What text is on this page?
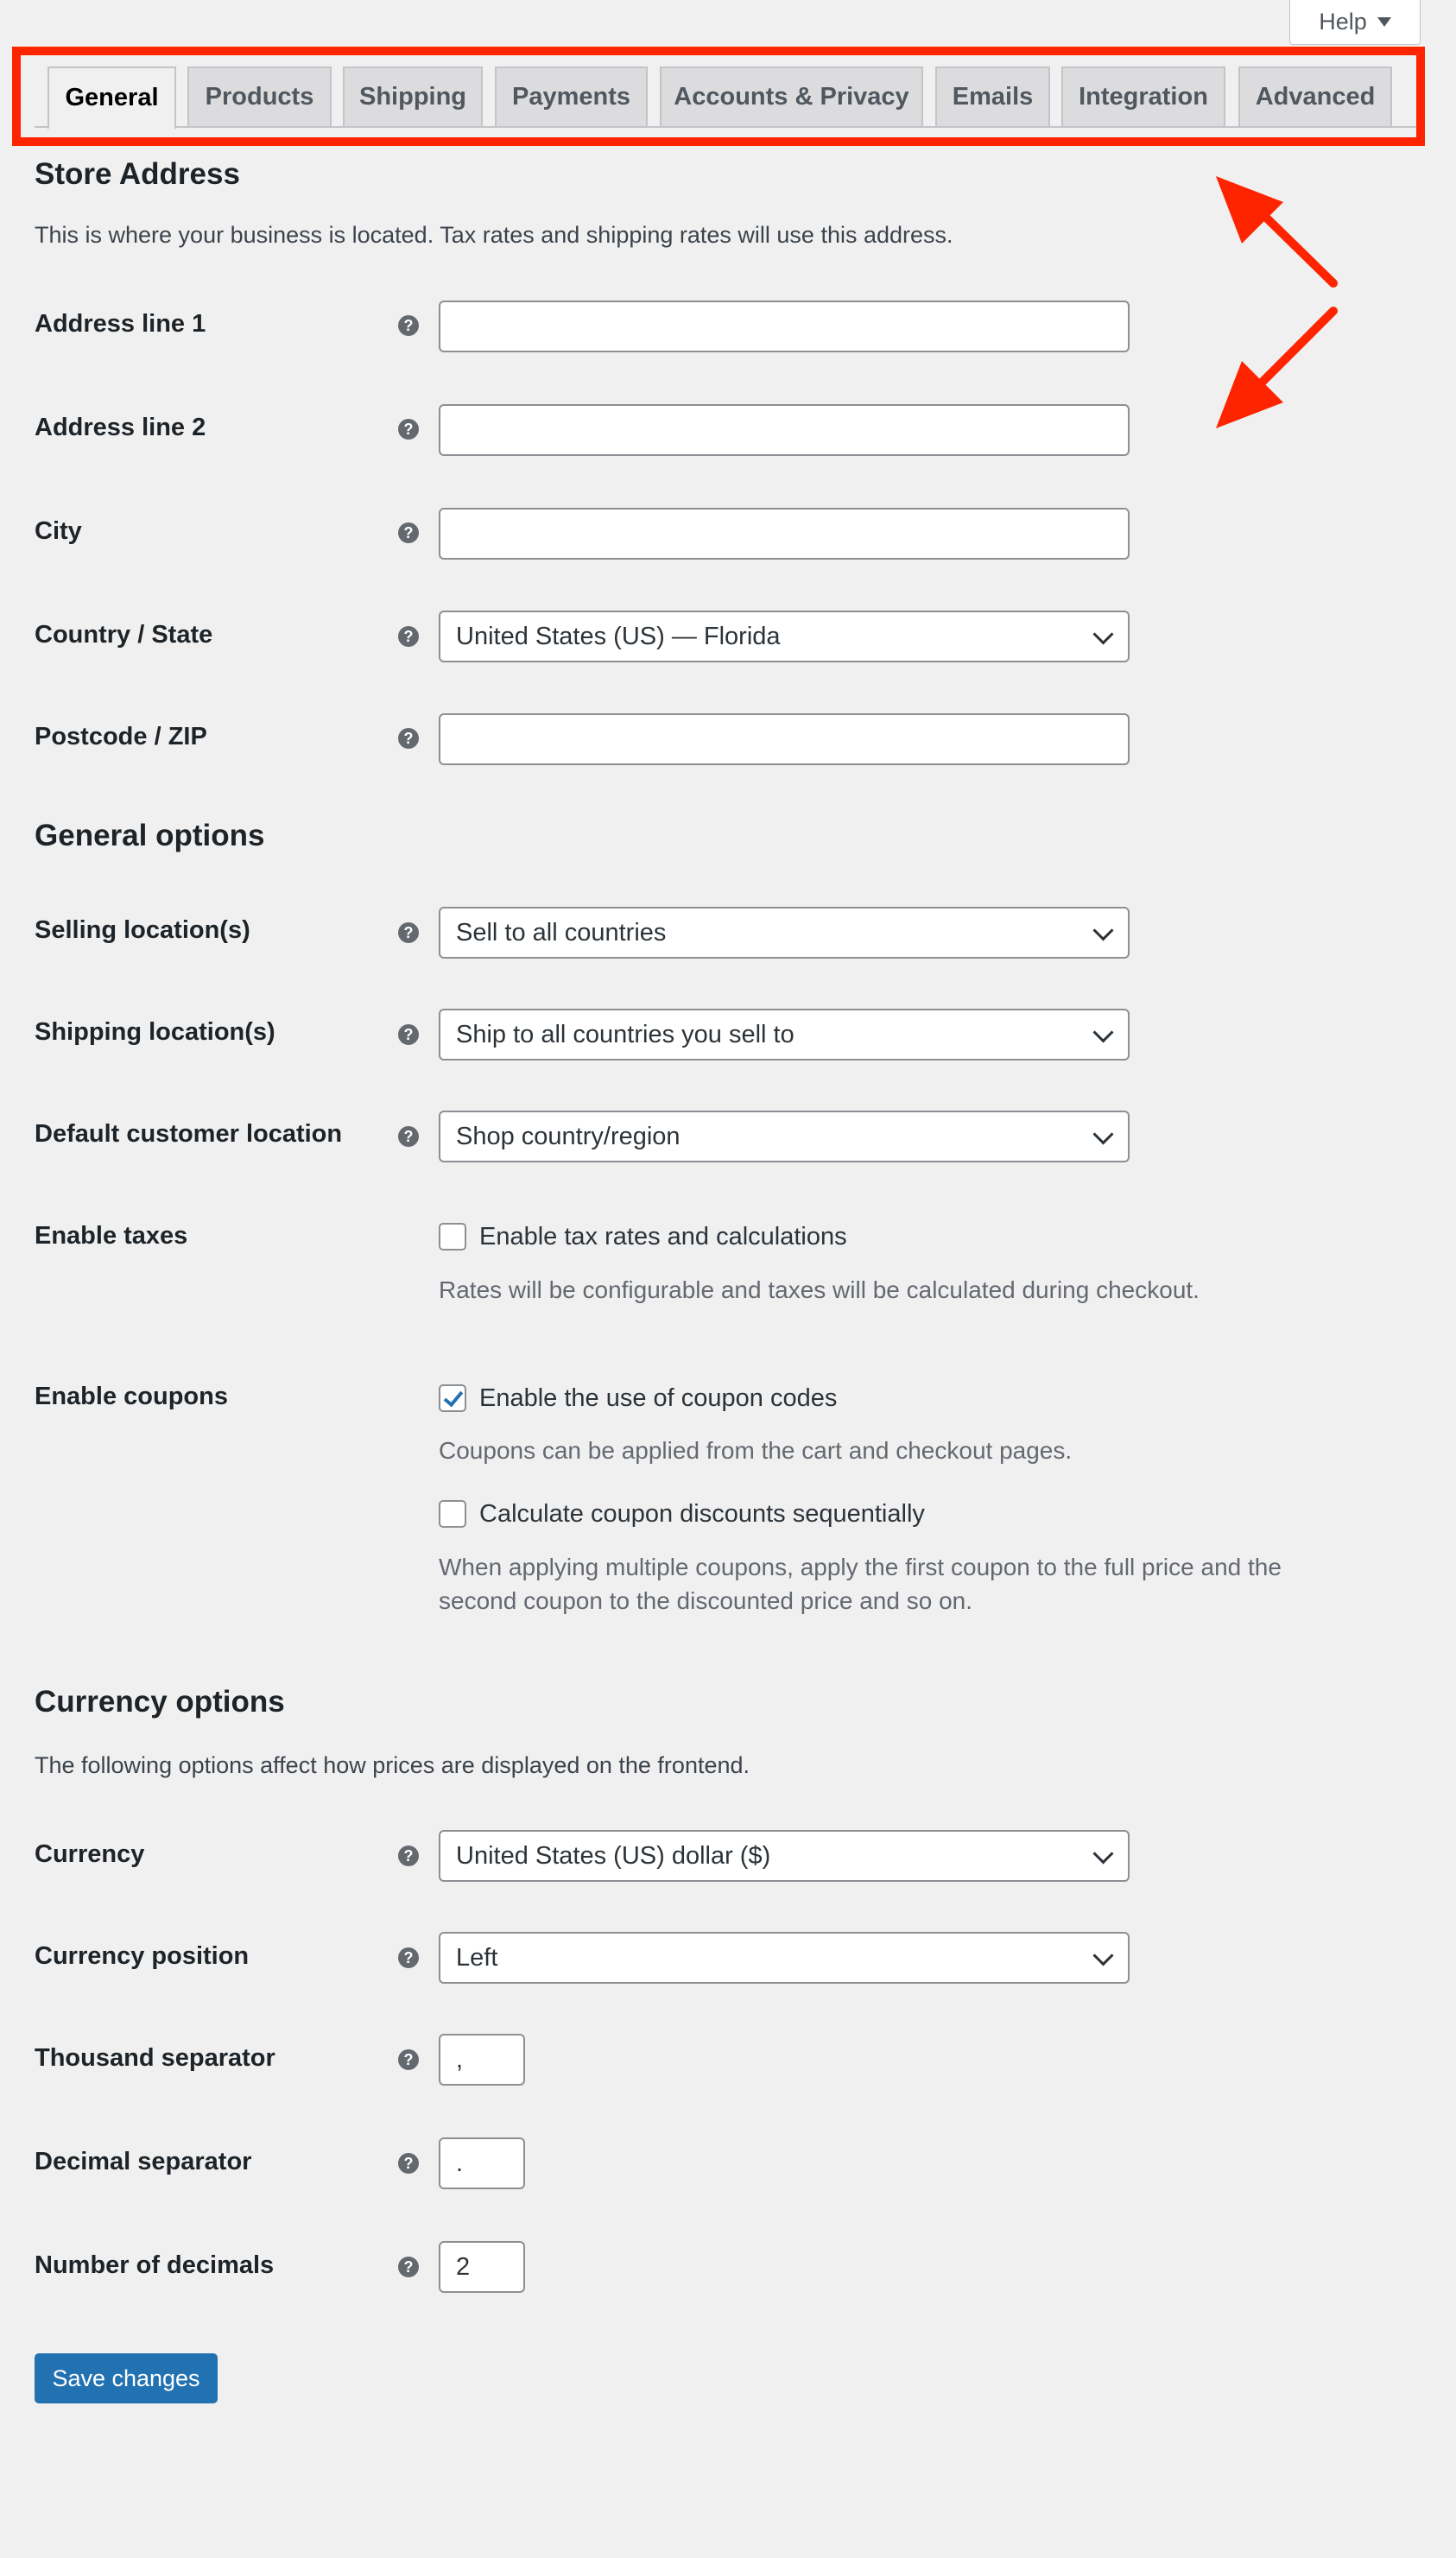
Help
General	Products	Shipping	Payments	Accounts & Privacy	Emails	Integration	Advanced
Store Address
This is where your business is located. Tax rates and shipping rates will use this address.
Address line 1	?
Address line 2	?
City	?
Country / State	? United States (US) — Florida
Postcode / ZIP	?
General options
Selling location(s)	? Sell to all countries
Shipping location(s)	? Ship to all countries you sell to
Default customer location	? Shop country/region
Enable taxes	Enable tax rates and calculations
Rates will be configurable and taxes will be calculated during checkout.
Enable coupons	Enable the use of coupon codes
Coupons can be applied from the cart and checkout pages.
Calculate coupon discounts sequentially
When applying multiple coupons, apply the first coupon to the full price and the
second coupon to the discounted price and so on.
Currency options
The following options affect how prices are displayed on the frontend.
Currency	? United States (US) dollar ($)
Currency position	? Left
Thousand separator	?	,
Decimal separator	?	.
Number of decimals	?	2
Save changes
